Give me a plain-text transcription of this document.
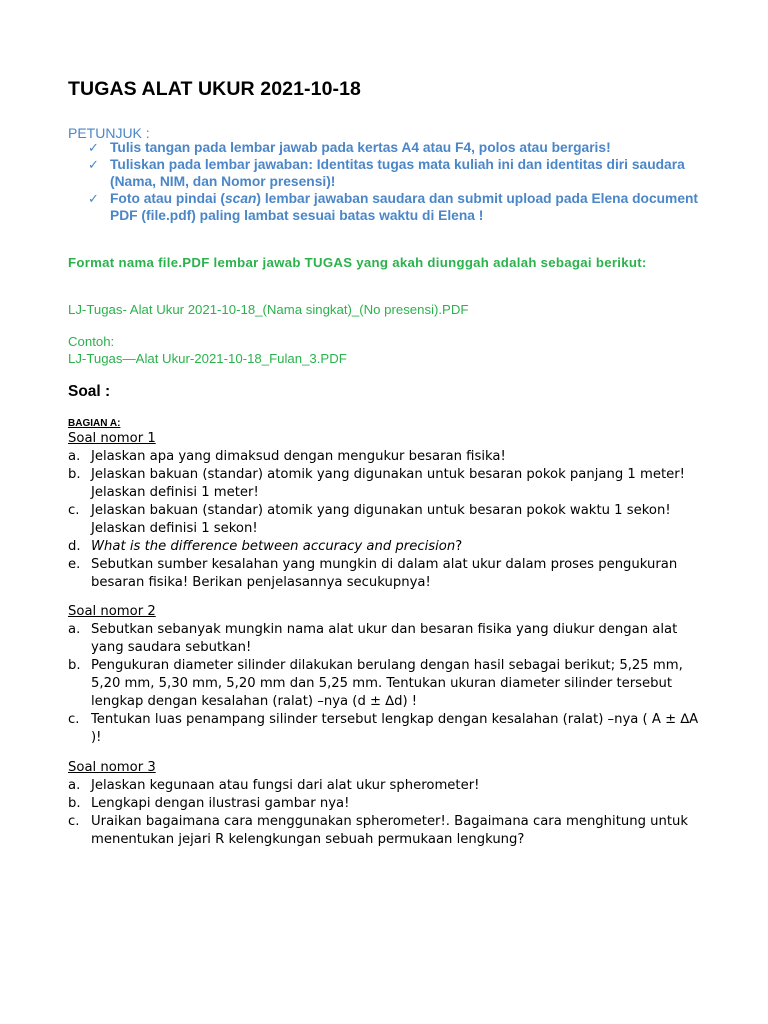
TUGAS ALAT UKUR 2021-10-18
PETUNJUK :
✓ Tulis tangan pada lembar jawab pada kertas A4 atau F4, polos atau bergaris!
✓ Tuliskan pada lembar jawaban: Identitas tugas mata kuliah ini dan identitas diri saudara (Nama, NIM, dan Nomor presensi)!
✓ Foto atau pindai (scan) lembar jawaban saudara dan submit upload pada Elena document PDF (file.pdf) paling lambat sesuai batas waktu di Elena !
Format nama file.PDF lembar jawab TUGAS yang akah diunggah adalah sebagai berikut:
LJ-Tugas- Alat Ukur 2021-10-18_(Nama singkat)_(No presensi).PDF
Contoh:
LJ-Tugas—Alat Ukur-2021-10-18_Fulan_3.PDF
Soal :
BAGIAN A:
Soal nomor 1
a. Jelaskan apa yang dimaksud dengan mengukur besaran fisika!
b. Jelaskan bakuan (standar) atomik yang digunakan untuk besaran pokok panjang 1 meter! Jelaskan definisi 1 meter!
c. Jelaskan bakuan (standar) atomik yang digunakan untuk besaran pokok waktu 1 sekon! Jelaskan definisi 1 sekon!
d. What is the difference between accuracy and precision?
e. Sebutkan sumber kesalahan yang mungkin di dalam alat ukur dalam proses pengukuran besaran fisika! Berikan penjelasannya secukupnya!
Soal nomor 2
a. Sebutkan sebanyak mungkin nama alat ukur dan besaran fisika yang diukur dengan alat yang saudara sebutkan!
b. Pengukuran diameter silinder dilakukan berulang dengan hasil sebagai berikut; 5,25 mm, 5,20 mm, 5,30 mm, 5,20 mm dan 5,25 mm. Tentukan ukuran diameter silinder tersebut lengkap dengan kesalahan (ralat) –nya (d ± ∆d) !
c. Tentukan luas penampang silinder tersebut lengkap dengan kesalahan (ralat) –nya ( A ± ∆A )!
Soal nomor 3
a. Jelaskan kegunaan atau fungsi dari alat ukur spherometer!
b. Lengkapi dengan ilustrasi gambar nya!
c. Uraikan bagaimana cara menggunakan spherometer!. Bagaimana cara menghitung untuk menentukan jejari R kelengkungan sebuah permukaan lengkung?
